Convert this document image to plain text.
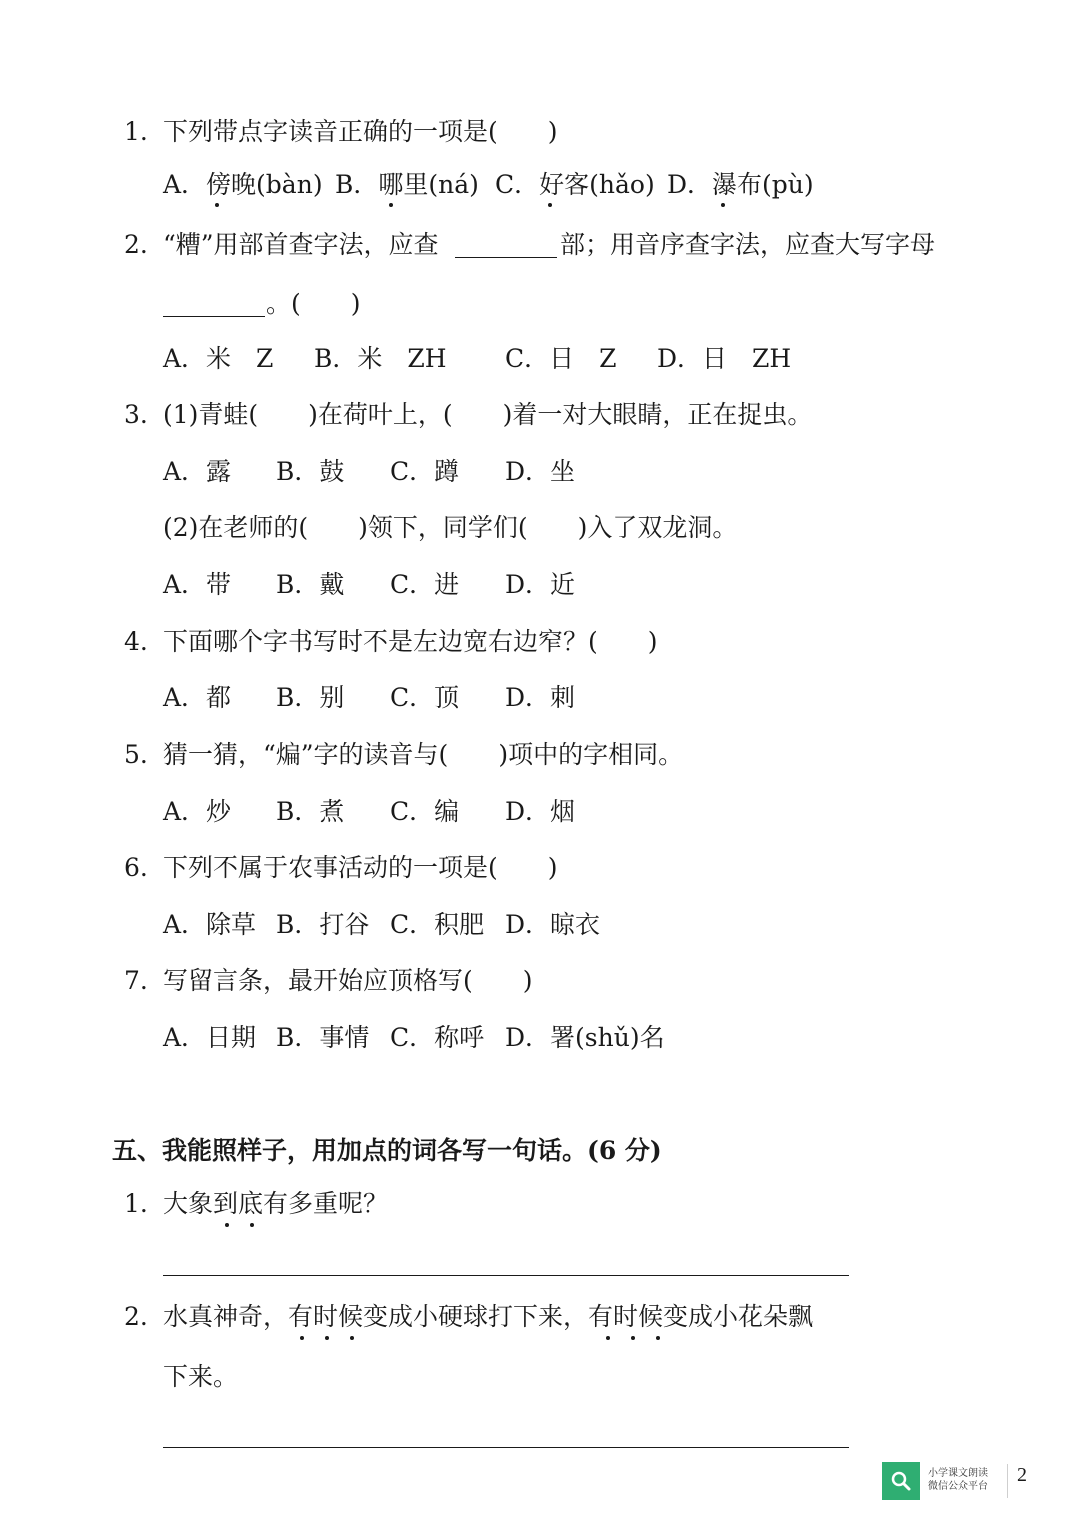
1. 下列带点字读音正确的一项是(　　)
A．傍晚(bàn) B．哪里(ná) C．好客(hǎo) D．瀑布(pù)
2. “糟”用部首查字法，应查	部；用音序查字法，应查大写字母
。(　　)
A．米　Z B．米　ZH C．日　Z D．日　ZH
3. (1)青蛙(　　)在荷叶上，(　　)着一对大眼睛，正在捉虫。
A．露 B．鼓 C．蹲 D．坐
(2)在老师的(　　)领下，同学们(　　)入了双龙洞。
A．带 B．戴 C．进 D．近
4. 下面哪个字书写时不是左边宽右边窄？(　　)
A．都 B．别 C．顶 D．刺
5. 猜一猜，“煸”字的读音与(　　)项中的字相同。
A．炒 B．煮 C．编 D．烟
6. 下列不属于农事活动的一项是(　　)
A．除草 B．打谷 C．积肥 D．晾衣
7. 写留言条，最开始应顶格写(　　)
A．日期 B．事情 C．称呼 D．署(shǔ)名
五、我能照样子，用加点的词各写一句话。(6 分)
1. 大象到底有多重呢？
2. 水真神奇，有时候变成小硬球打下来，有时候变成小花朵飘
下来。
小学课文朗读
微信公众平台
2
